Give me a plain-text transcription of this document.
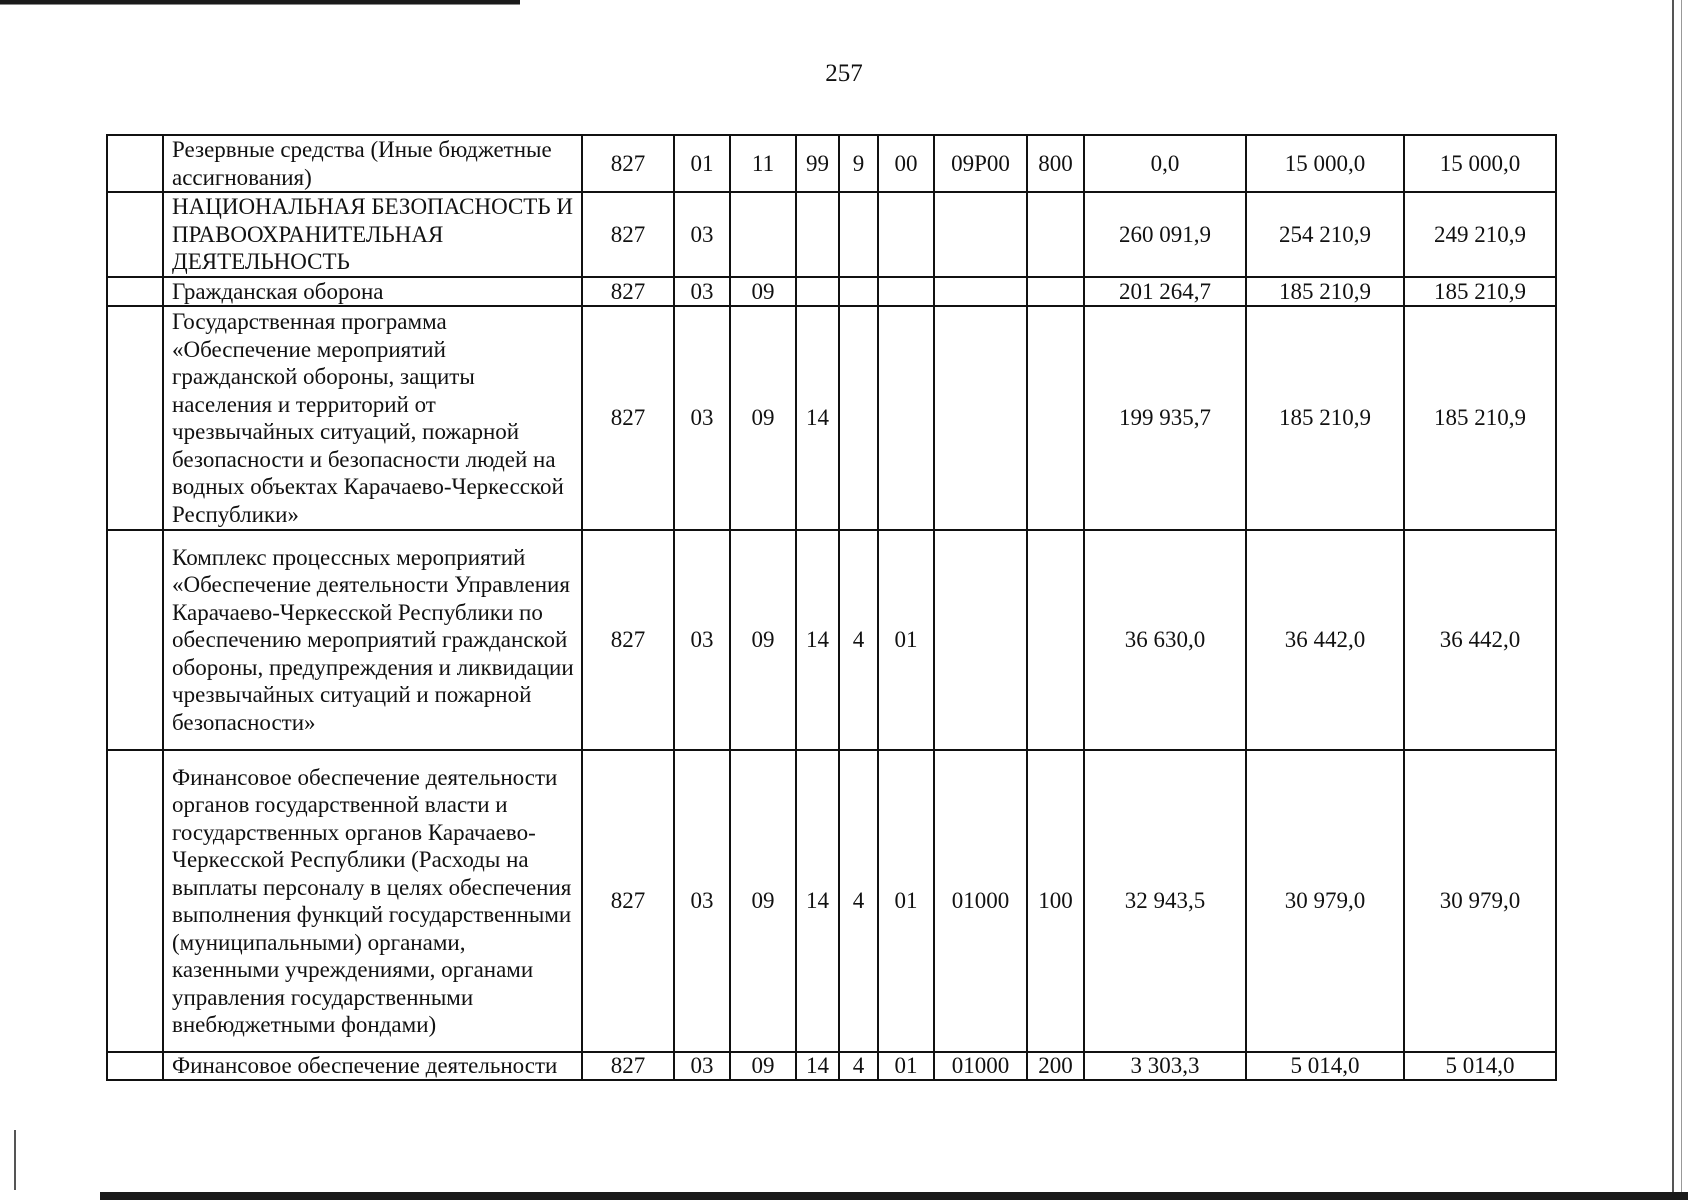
257
	Резервные средства (Иные бюджетные ассигнования)	827	01	11	99	9	00	09Р00	800	0,0	15 000,0	15 000,0
	НАЦИОНАЛЬНАЯ БЕЗОПАСНОСТЬ И ПРАВООХРАНИТЕЛЬНАЯ ДЕЯТЕЛЬНОСТЬ	827	03							260 091,9	254 210,9	249 210,9
	Гражданская оборона	827	03	09						201 264,7	185 210,9	185 210,9
	Государственная программа «Обеспечение мероприятий гражданской обороны, защиты населения и территорий от чрезвычайных ситуаций, пожарной безопасности и безопасности людей на водных объектах Карачаево-Черкесской Республики»	827	03	09	14					199 935,7	185 210,9	185 210,9
	Комплекс процессных мероприятий «Обеспечение деятельности Управления Карачаево-Черкесской Республики по обеспечению мероприятий гражданской обороны, предупреждения и ликвидации чрезвычайных ситуаций и пожарной безопасности»	827	03	09	14	4	01			36 630,0	36 442,0	36 442,0
	Финансовое обеспечение деятельности органов государственной власти и государственных органов Карачаево-Черкесской Республики (Расходы на выплаты персоналу в целях обеспечения выполнения функций государственными (муниципальными) органами, казенными учреждениями, органами управления государственными внебюджетными фондами)	827	03	09	14	4	01	01000	100	32 943,5	30 979,0	30 979,0
	Финансовое обеспечение деятельности	827	03	09	14	4	01	01000	200	3 303,3	5 014,0	5 014,0
